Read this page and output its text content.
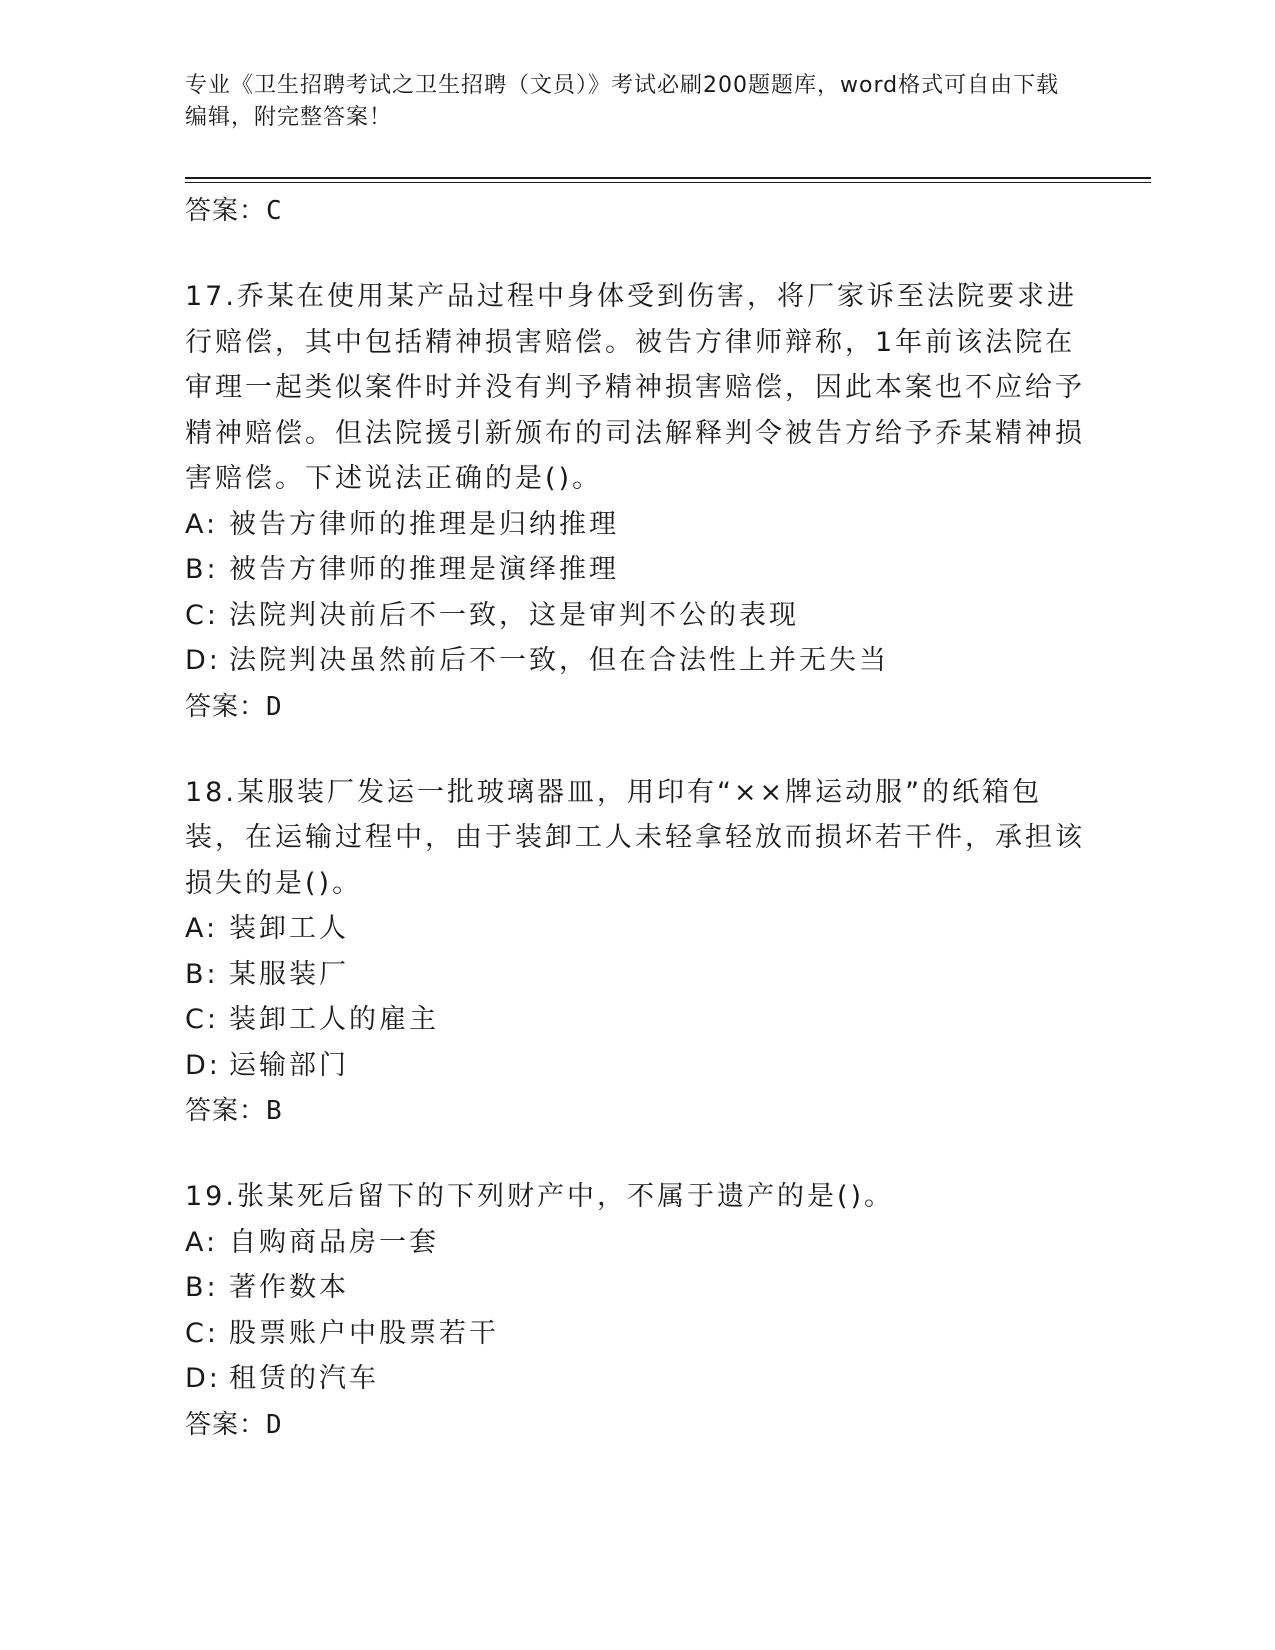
专业《卫生招聘考试之卫生招聘（文员）》考试必刷200题题库，word格式可自由下载编辑，附完整答案！
答案：C
17.乔某在使用某产品过程中身体受到伤害，将厂家诉至法院要求进行赔偿，其中包括精神损害赔偿。被告方律师辩称，1年前该法院在审理一起类似案件时并没有判予精神损害赔偿，因此本案也不应给予精神赔偿。但法院援引新颁布的司法解释判令被告方给予乔某精神损害赔偿。下述说法正确的是()。
A: 被告方律师的推理是归纳推理
B: 被告方律师的推理是演绎推理
C: 法院判决前后不一致，这是审判不公的表现
D: 法院判决虽然前后不一致，但在合法性上并无失当
答案：D
18.某服装厂发运一批玻璃器皿，用印有“××牌运动服”的纸箱包装，在运输过程中，由于装卸工人未轻拿轻放而损坏若干件，承担该损失的是()。
A: 装卸工人
B: 某服装厂
C: 装卸工人的雇主
D: 运输部门
答案：B
19.张某死后留下的下列财产中，不属于遗产的是()。
A: 自购商品房一套
B: 著作数本
C: 股票账户中股票若干
D: 租赁的汽车
答案：D
